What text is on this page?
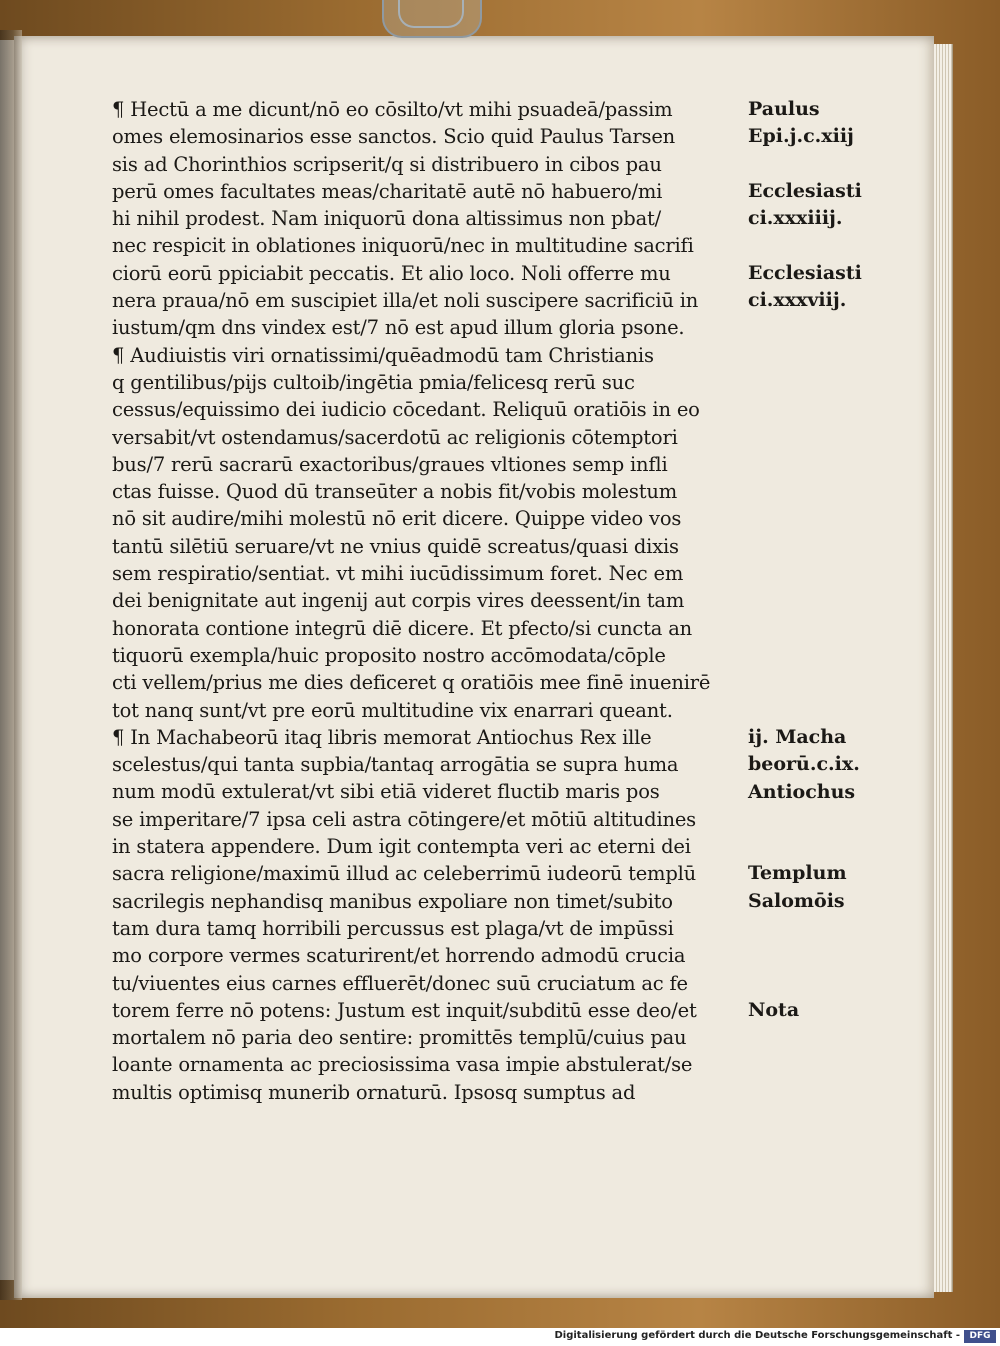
¶ Hectū a me dicunt/nō eo cōsilto/vt mihi psuadeā/passim
omes elemosinarios esse sanctos. Scio quid Paulus Tarsen
sis ad Chorinthios scripserit/q si distribuero in cibos pau
perū omes facultates meas/charitatē autē nō habuero/mi
hi nihil prodest. Nam iniquorū dona altissimus non pbat/
nec respicit in oblationes iniquorū/nec in multitudine sacrifi
ciorū eorū ppiciabit peccatis. Et alio loco. Noli offerre mu
nera praua/nō em suscipiet illa/et noli suscipere sacrificiū in
iustum/qm dns vindex est/7 nō est apud illum gloria psone.
¶ Audiuistis viri ornatissimi/quēadmodū tam Christianis
q gentilibus/pijs cultoib/ingētia pmia/felicesq rerū suc
cessus/equissimo dei iudicio cōcedant. Reliquū oratiōis in eo
versabit/vt ostendamus/sacerdotū ac religionis cōtemptori
bus/7 rerū sacrarū exactoribus/graues vltiones semp infli
ctas fuisse. Quod dū transeūter a nobis fit/vobis molestum
nō sit audire/mihi molestū nō erit dicere. Quippe video vos
tantū silētiū seruare/vt ne vnius quidē screatus/quasi dixis
sem respiratio/sentiat. vt mihi iucūdissimum foret. Nec em
dei benignitate aut ingenij aut corpis vires deessent/in tam
honorata contione integrū diē dicere. Et pfecto/si cuncta an
tiquorū exempla/huic proposito nostro accōmodata/cōple
cti vellem/prius me dies deficeret q oratiōis mee finē inuenirē
tot nanq sunt/vt pre eorū multitudine vix enarrari queant.
¶ In Machabeorū itaq libris memorat Antiochus Rex ille
scelestus/qui tanta supbia/tantaq arrogātia se supra huma
num modū extulerat/vt sibi etiā videret fluctib maris pos
se imperitare/7 ipsa celi astra cōtingere/et mōtiū altitudines
in statera appendere. Dum igit contempta veri ac eterni dei
sacra religione/maximū illud ac celeberrimū iudeorū templū
sacrilegis nephandisq manibus expoliare non timet/subito
tam dura tamq horribili percussus est plaga/vt de impūssi
mo corpore vermes scaturirent/et horrendo admodū crucia
tu/viuentes eius carnes effluerēt/donec suū cruciatum ac fe
torem ferre nō potens: Justum est inquit/subditū esse deo/et
mortalem nō paria deo sentire: promittēs templū/cuius pau
loante ornamenta ac preciosissima vasa impie abstulerat/se
multis optimisq munerib ornaturū. Ipsosq sumptus ad
Paulus
Epi.j.c.xiij
Ecclesiasti
ci.xxxiiij.
Ecclesiasti
ci.xxxviij.
ij. Macha
beorū.c.ix.
Antiochus
Templum
Salomōis
Nota
Digitalisierung gefördert durch die Deutsche Forschungsgemeinschaft -	DFG
